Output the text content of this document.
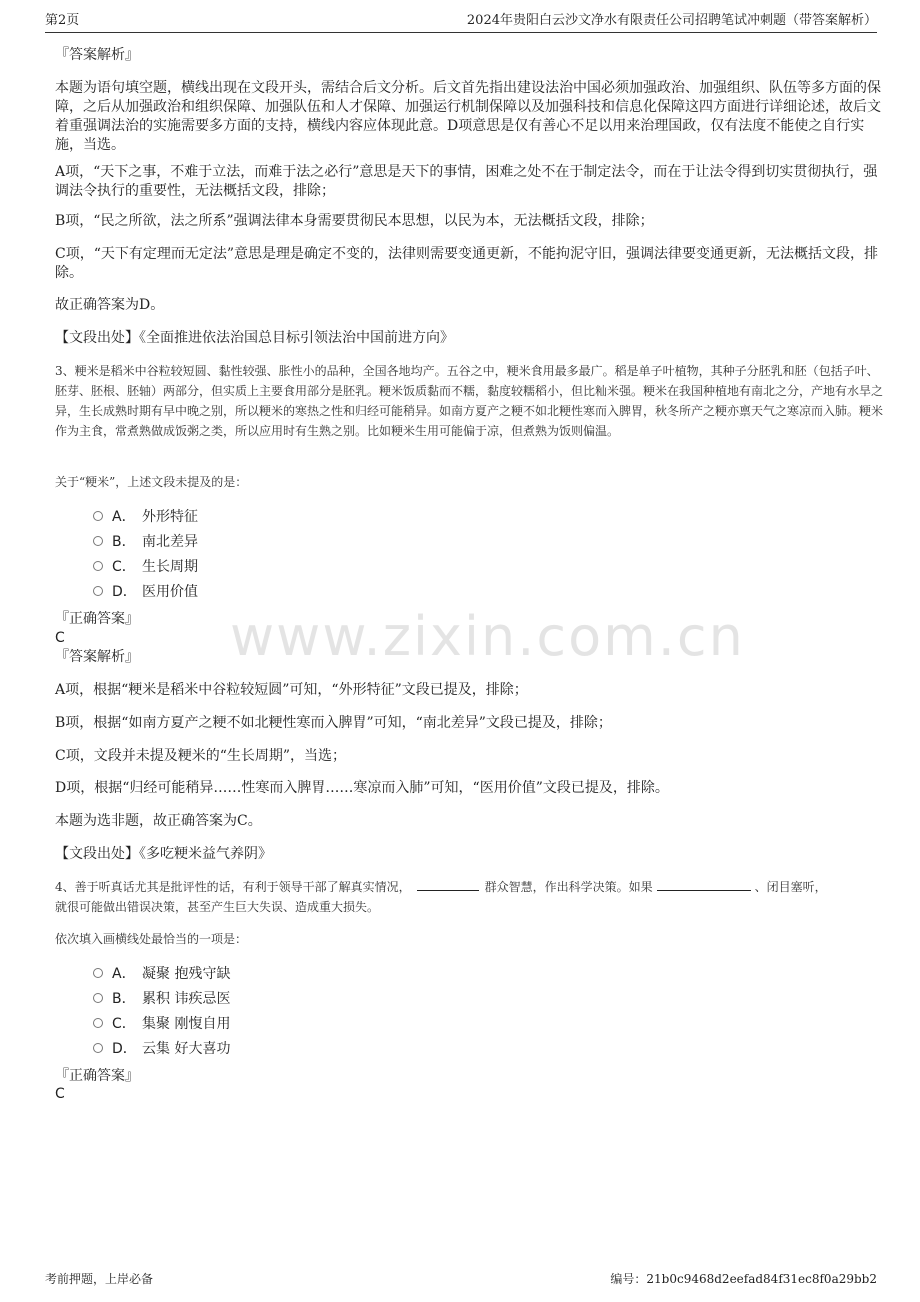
第2页	2024年贵阳白云沙文净水有限责任公司招聘笔试冲刺题（带答案解析）
www.zixin.com.cn
『答案解析』
本题为语句填空题，横线出现在文段开头，需结合后文分析。后文首先指出建设法治中国必须加强政治、加强组织、队伍等多方面的保障，之后从加强政治和组织保障、加强队伍和人才保障、加强运行机制保障以及加强科技和信息化保障这四方面进行详细论述，故后文着重强调法治的实施需要多方面的支持，横线内容应体现此意。D项意思是仅有善心不足以用来治理国政，仅有法度不能使之自行实施，当选。
A项，“天下之事，不难于立法，而难于法之必行”意思是天下的事情，困难之处不在于制定法令，而在于让法令得到切实贯彻执行，强调法令执行的重要性，无法概括文段，排除；
B项，“民之所欲，法之所系”强调法律本身需要贯彻民本思想，以民为本，无法概括文段，排除；
C项，“天下有定理而无定法”意思是理是确定不变的，法律则需要变通更新，不能拘泥守旧，强调法律要变通更新，无法概括文段，排除。
故正确答案为D。
【文段出处】《全面推进依法治国总目标引领法治中国前进方向》
3、粳米是稻米中谷粒较短圆、黏性较强、胀性小的品种，全国各地均产。五谷之中，粳米食用最多最广。稻是单子叶植物，其种子分胚乳和胚（包括子叶、胚芽、胚根、胚轴）两部分，但实质上主要食用部分是胚乳。粳米饭质黏而不糯，黏度较糯稻小，但比籼米强。粳米在我国种植地有南北之分，产地有水旱之异，生长成熟时期有早中晚之别，所以粳米的寒热之性和归经可能稍异。如南方夏产之粳不如北粳性寒而入脾胃，秋冬所产之粳亦禀天气之寒凉而入肺。粳米作为主食，常煮熟做成饭粥之类，所以应用时有生熟之别。比如粳米生用可能偏于凉，但煮熟为饭则偏温。
关于“粳米”，上述文段未提及的是：
A． 外形特征
B． 南北差异
C． 生长周期
D． 医用价值
『正确答案』
C
『答案解析』
A项，根据“粳米是稻米中谷粒较短圆”可知，“外形特征”文段已提及，排除；
B项，根据“如南方夏产之粳不如北粳性寒而入脾胃”可知，“南北差异”文段已提及，排除；
C项，文段并未提及粳米的“生长周期”，当选；
D项，根据“归经可能稍异……性寒而入脾胃……寒凉而入肺”可知，“医用价值”文段已提及，排除。
本题为选非题，故正确答案为C。
【文段出处】《多吃粳米益气养阴》
4、善于听真话尤其是批评性的话，有利于领导干部了解真实情况，	群众智慧，作出科学决策。如果	、闭目塞听，
就很可能做出错误决策，甚至产生巨大失误、造成重大损失。
依次填入画横线处最恰当的一项是：
A． 凝聚 抱残守缺
B． 累积 讳疾忌医
C． 集聚 刚愎自用
D． 云集 好大喜功
『正确答案』
C
考前押题，上岸必备	编号：21b0c9468d2eefad84f31ec8f0a29bb2
